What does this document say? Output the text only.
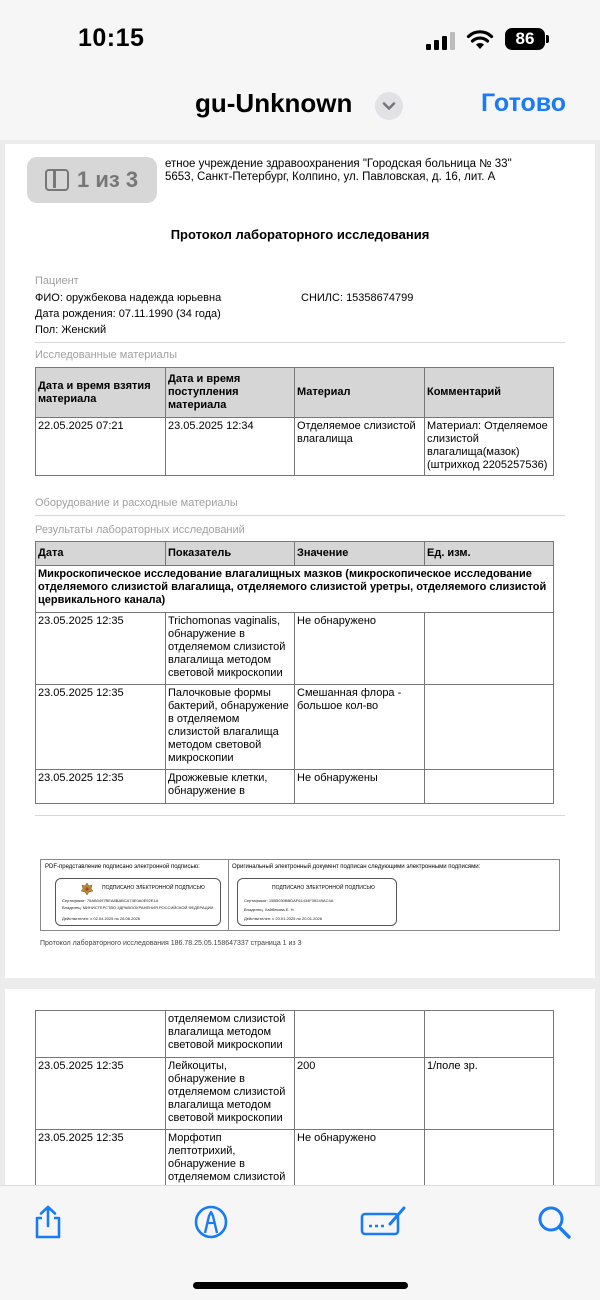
10:15	86
gu-Unknown	Готово
етное учреждение здравоохранения "Городская больница № 33"
5653, Санкт-Петербург, Колпино, ул. Павловская, д. 16, лит. А
Протокол лабораторного исследования
Пациент
ФИО: оружбекова надежда юрьевна	СНИЛС: 15358674799
Дата рождения: 07.11.1990 (34 года)
Пол: Женский
Исследованные материалы
Дата и время взятия материала	Дата и время поступления материала	Материал	Комментарий
22.05.2025 07:21	23.05.2025 12:34	Отделяемое слизистой влагалища	Материал: Отделяемое слизистой влагалища(мазок) (штрихкод 2205257536)
Оборудование и расходные материалы
Результаты лабораторных исследований
Дата	Показатель	Значение	Ед. изм.
Микроскопическое исследование влагалищных мазков (микроскопическое исследование отделяемого слизистой влагалища, отделяемого слизистой уретры, отделяемого слизистой цервикального канала)			
23.05.2025 12:35	Trichomonas vaginalis, обнаружение в отделяемом слизистой влагалища методом световой микроскопии	Не обнаружено	
23.05.2025 12:35	Палочковые формы бактерий, обнаружение в отделяемом слизистой влагалища методом световой микроскопии	Смешанная флора - большое кол-во	
23.05.2025 12:35	Дрожжевые клетки, обнаружение в	Не обнаружены	
PDF-представление подписано электронной подписью:	Оригинальный электронный документ подписан следующими электронными подписями:
ПОДПИСАНО ЭЛЕКТРОННОЙ ПОДПИСЬЮ
Сертификат: 75AB0497BEA8BABCA74E0A0E92E1A
Владелец: МИНИСТЕРСТВО ЗДРАВООХРАНЕНИЯ РОССИЙСКОЙ ФЕДЕРАЦИИ
Действителен: с 02.04.2025 по 26.06.2026
ПОДПИСАНО ЭЛЕКТРОННОЙ ПОДПИСЬЮ
Сертификат: 15B5030BBDAF61434F39249AC4A
Владелец: Хайбекова Е. Н.
Действителен: с 20.01.2025 по 20.01.2026
Протокол лабораторного исследования 186.78.25.05.158647337 страница 1 из 3
1 из 3
	отделяемом слизистой влагалища методом световой микроскопии		
23.05.2025 12:35	Лейкоциты, обнаружение в отделяемом слизистой влагалища методом световой микроскопии	200	1/поле зр.
23.05.2025 12:35	Морфотип лептотрихий, обнаружение в отделяемом слизистой	Не обнаружено	
